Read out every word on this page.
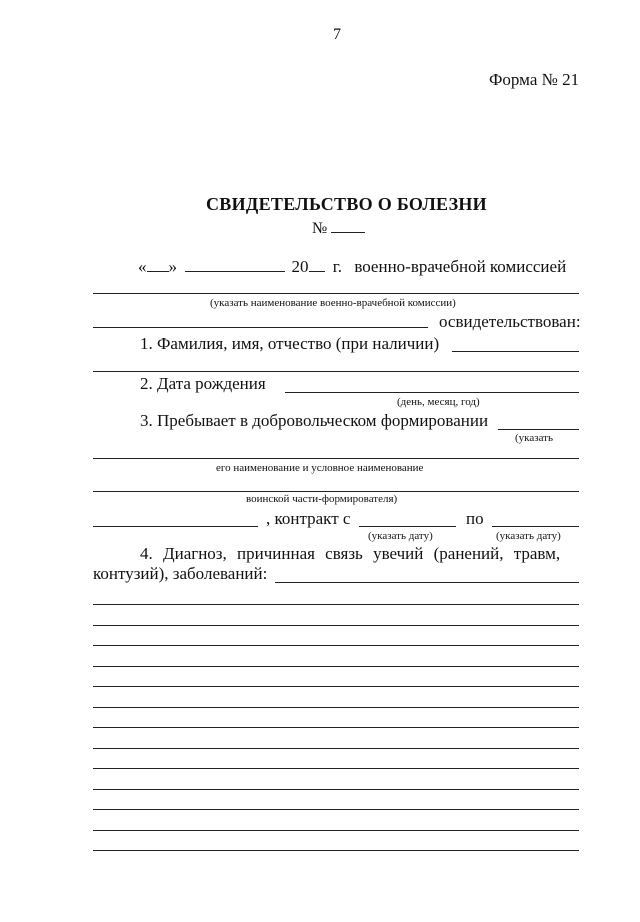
7
Форма № 21
СВИДЕТЕЛЬСТВО О БОЛЕЗНИ
№
« »	20 г. военно-врачебной комиссией
(указать наименование военно-врачебной комиссии)
освидетельствован:
1. Фамилия, имя, отчество (при наличии)
2. Дата рождения
(день, месяц, год)
3. Пребывает в добровольческом формировании
(указать
его наименование и условное наименование
воинской части-формирователя)
, контракт с	по
(указать дату)	(указать дату)
4. Диагноз, причинная связь увечий (ранений, травм,
контузий), заболеваний:
